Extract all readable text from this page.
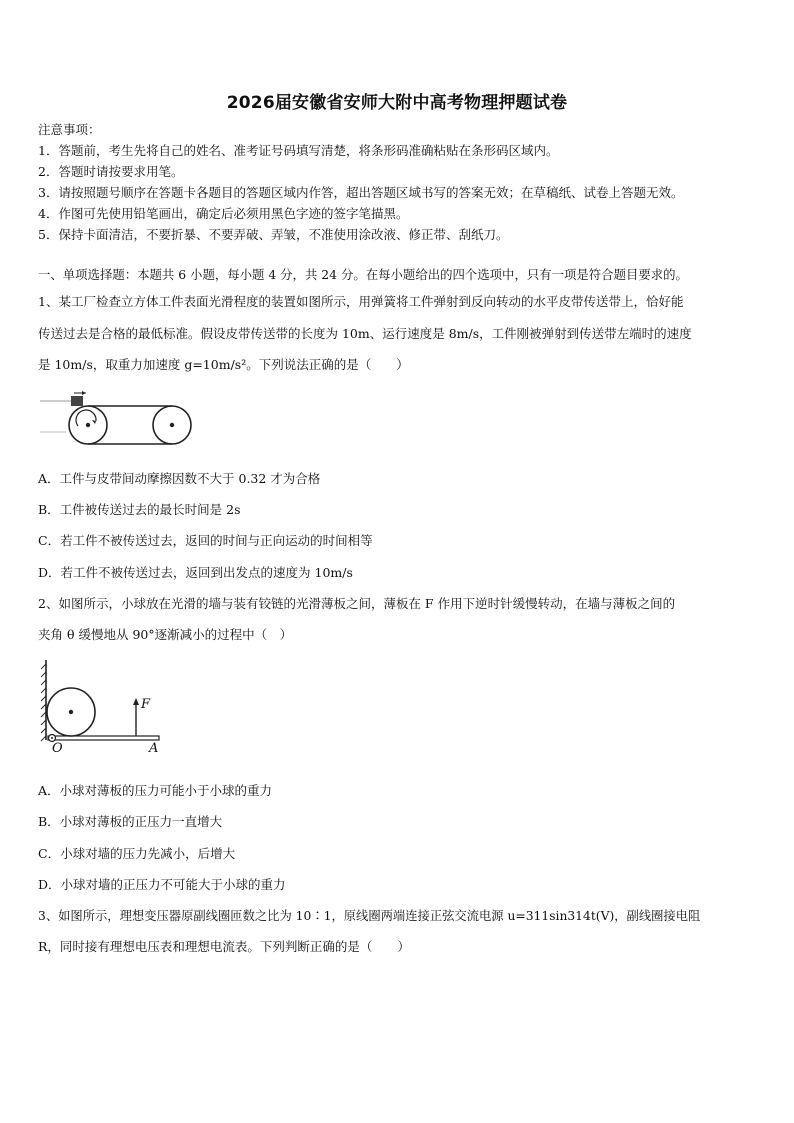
2026届安徽省安师大附中高考物理押题试卷
注意事项：
1．答题前，考生先将自己的姓名、准考证号码填写清楚，将条形码准确粘贴在条形码区域内。
2．答题时请按要求用笔。
3．请按照题号顺序在答题卡各题目的答题区域内作答，超出答题区域书写的答案无效；在草稿纸、试卷上答题无效。
4．作图可先使用铅笔画出，确定后必须用黑色字迹的签字笔描黑。
5．保持卡面清洁，不要折暴、不要弄破、弄皱，不准使用涂改液、修正带、刮纸刀。
一、单项选择题：本题共 6 小题，每小题 4 分，共 24 分。在每小题给出的四个选项中，只有一项是符合题目要求的。
1、某工厂检查立方体工件表面光滑程度的装置如图所示，用弹簧将工件弹射到反向转动的水平皮带传送带上，恰好能
传送过去是合格的最低标准。假设皮带传送带的长度为 10m、运行速度是 8m/s，工件刚被弹射到传送带左端时的速度
是 10m/s，取重力加速度 g=10m/s²。下列说法正确的是（　　）
A．工件与皮带间动摩擦因数不大于 0.32 才为合格
B．工件被传送过去的最长时间是 2s
C．若工件不被传送过去，返回的时间与正向运动的时间相等
D．若工件不被传送过去，返回到出发点的速度为 10m/s
2、如图所示，小球放在光滑的墙与装有铰链的光滑薄板之间，薄板在 F 作用下逆时针缓慢转动，在墙与薄板之间的
夹角 θ 缓慢地从 90°逐渐减小的过程中（　）
F
O	A
A．小球对薄板的压力可能小于小球的重力
B．小球对薄板的正压力一直增大
C．小球对墙的压力先减小，后增大
D．小球对墙的正压力不可能大于小球的重力
3、如图所示，理想变压器原副线圈匝数之比为 10∶1，原线圈两端连接正弦交流电源 u=311sin314t(V)，副线圈接电阻
R，同时接有理想电压表和理想电流表。下列判断正确的是（　　）
